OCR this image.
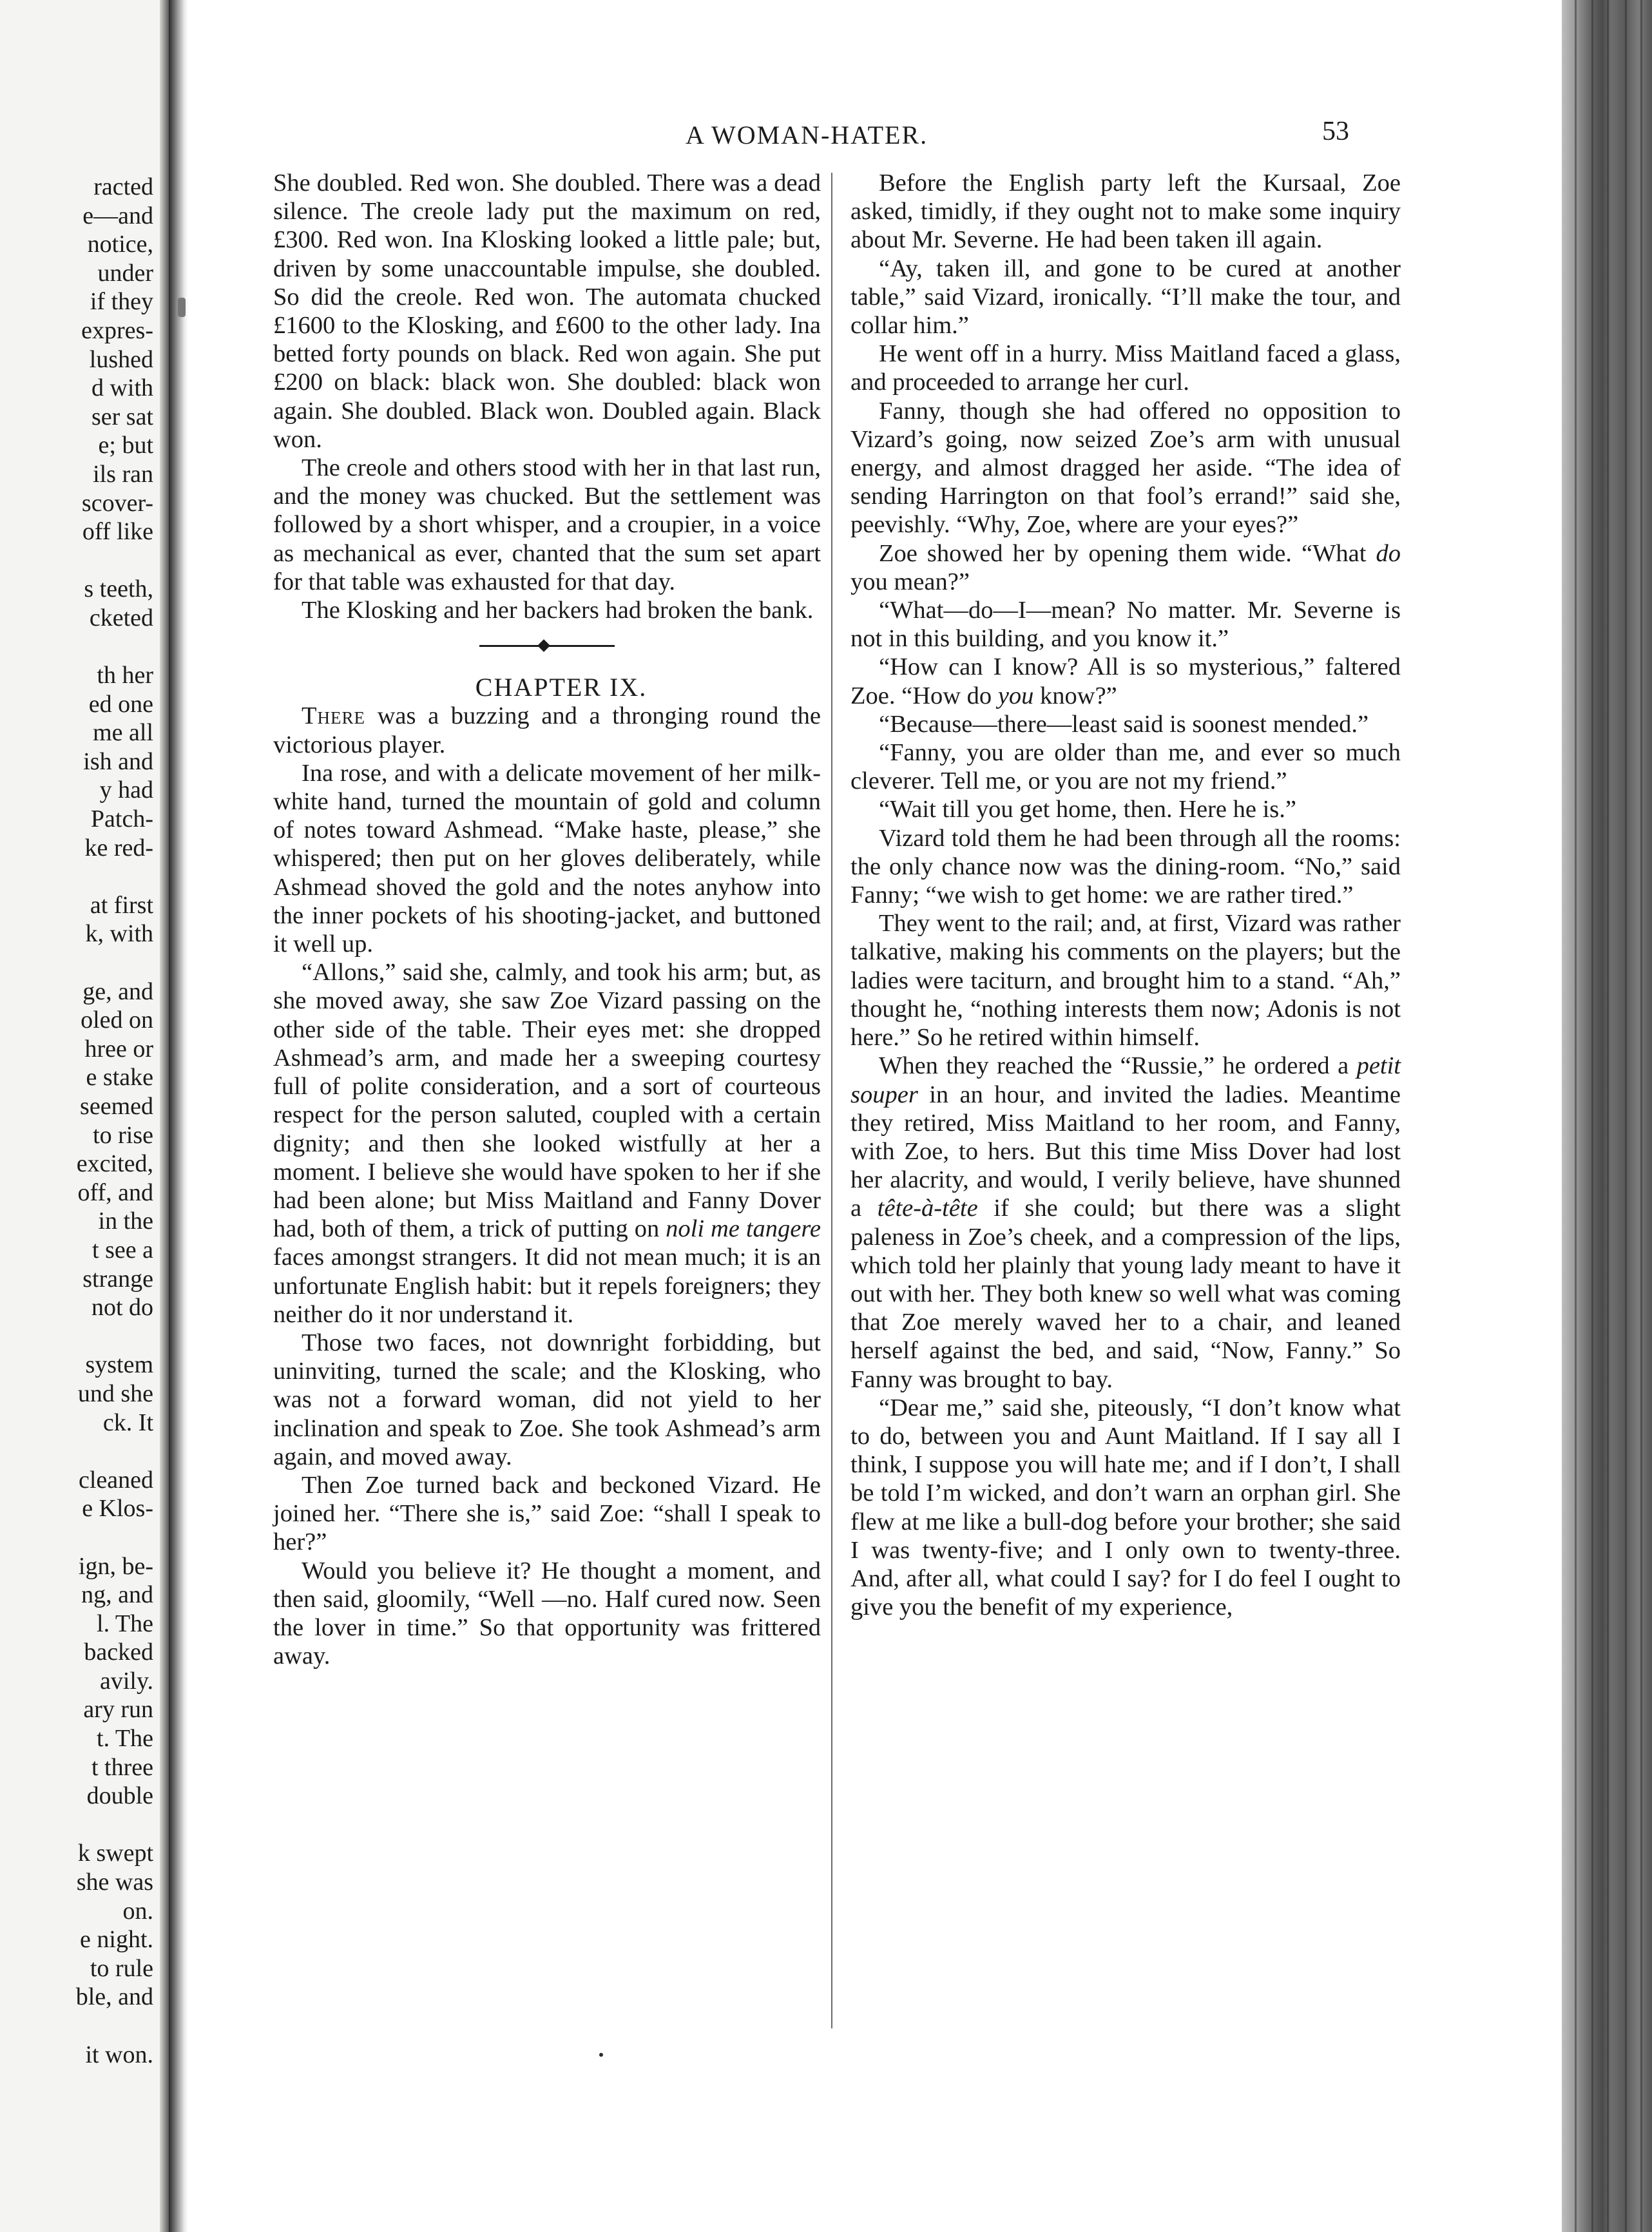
racted
e—and
notice,
under
if they
expres-
lushed
d with
ser sat
e; but
ils ran
scover-
off like

s teeth,
cketed

th her
ed one
me all
ish and
y had
Patch-
ke red-

at first
k, with

ge, and
oled on
hree or
e stake
seemed
to rise
excited,
off, and
in the
t see a
strange
not do

system
und she
ck. It

cleaned
e Klos-

ign, be-
ng, and
l. The
backed
avily.
ary run
t. The
t three
double

k swept
she was
on.
e night.
to rule
ble, and

it won.
A WOMAN-HATER.	53

She doubled. Red won. She doubled. There was a dead silence. The creole lady put the maximum on red, £300. Red won. Ina Klosking looked a little pale; but, driven by some unaccountable impulse, she doubled. So did the creole. Red won. The automata chucked £1600 to the Klosking, and £600 to the other lady. Ina betted forty pounds on black. Red won again. She put £200 on black: black won. She doubled: black won again. She doubled. Black won. Doubled again. Black won.

The creole and others stood with her in that last run, and the money was chucked. But the settlement was followed by a short whisper, and a croupier, in a voice as mechanical as ever, chanted that the sum set apart for that table was exhausted for that day.

The Klosking and her backers had broken the bank.

CHAPTER IX.

There was a buzzing and a thronging round the victorious player.

Ina rose, and with a delicate movement of her milk-white hand, turned the mountain of gold and column of notes toward Ashmead. “Make haste, please,” she whispered; then put on her gloves deliberately, while Ashmead shoved the gold and the notes anyhow into the inner pockets of his shooting-jacket, and buttoned it well up.

“Allons,” said she, calmly, and took his arm; but, as she moved away, she saw Zoe Vizard passing on the other side of the table. Their eyes met: she dropped Ashmead’s arm, and made her a sweeping courtesy full of polite consideration, and a sort of courteous respect for the person saluted, coupled with a certain dignity; and then she looked wistfully at her a moment. I believe she would have spoken to her if she had been alone; but Miss Maitland and Fanny Dover had, both of them, a trick of putting on noli me tangere faces amongst strangers. It did not mean much; it is an unfortunate English habit: but it repels foreigners; they neither do it nor understand it.

Those two faces, not downright forbidding, but uninviting, turned the scale; and the Klosking, who was not a forward woman, did not yield to her inclination and speak to Zoe. She took Ashmead’s arm again, and moved away.

Then Zoe turned back and beckoned Vizard. He joined her. “There she is,” said Zoe: “shall I speak to her?”

Would you believe it? He thought a moment, and then said, gloomily, “Well —no. Half cured now. Seen the lover in time.” So that opportunity was frittered away.

Before the English party left the Kursaal, Zoe asked, timidly, if they ought not to make some inquiry about Mr. Severne. He had been taken ill again.

“Ay, taken ill, and gone to be cured at another table,” said Vizard, ironically. “I’ll make the tour, and collar him.”

He went off in a hurry. Miss Maitland faced a glass, and proceeded to arrange her curl.

Fanny, though she had offered no opposition to Vizard’s going, now seized Zoe’s arm with unusual energy, and almost dragged her aside. “The idea of sending Harrington on that fool’s errand!” said she, peevishly. “Why, Zoe, where are your eyes?”

Zoe showed her by opening them wide. “What do you mean?”

“What—do—I—mean? No matter. Mr. Severne is not in this building, and you know it.”

“How can I know? All is so mysterious,” faltered Zoe. “How do you know?”

“Because—there—least said is soonest mended.”

“Fanny, you are older than me, and ever so much cleverer. Tell me, or you are not my friend.”

“Wait till you get home, then. Here he is.”

Vizard told them he had been through all the rooms: the only chance now was the dining-room. “No,” said Fanny; “we wish to get home: we are rather tired.”

They went to the rail; and, at first, Vizard was rather talkative, making his comments on the players; but the ladies were taciturn, and brought him to a stand. “Ah,” thought he, “nothing interests them now; Adonis is not here.” So he retired within himself.

When they reached the “Russie,” he ordered a petit souper in an hour, and invited the ladies. Meantime they retired, Miss Maitland to her room, and Fanny, with Zoe, to hers. But this time Miss Dover had lost her alacrity, and would, I verily believe, have shunned a tête-à-tête if she could; but there was a slight paleness in Zoe’s cheek, and a compression of the lips, which told her plainly that young lady meant to have it out with her. They both knew so well what was coming that Zoe merely waved her to a chair, and leaned herself against the bed, and said, “Now, Fanny.” So Fanny was brought to bay.

“Dear me,” said she, piteously, “I don’t know what to do, between you and Aunt Maitland. If I say all I think, I suppose you will hate me; and if I don’t, I shall be told I’m wicked, and don’t warn an orphan girl. She flew at me like a bull-dog before your brother; she said I was twenty-five; and I only own to twenty-three. And, after all, what could I say? for I do feel I ought to give you the benefit of my experience,
